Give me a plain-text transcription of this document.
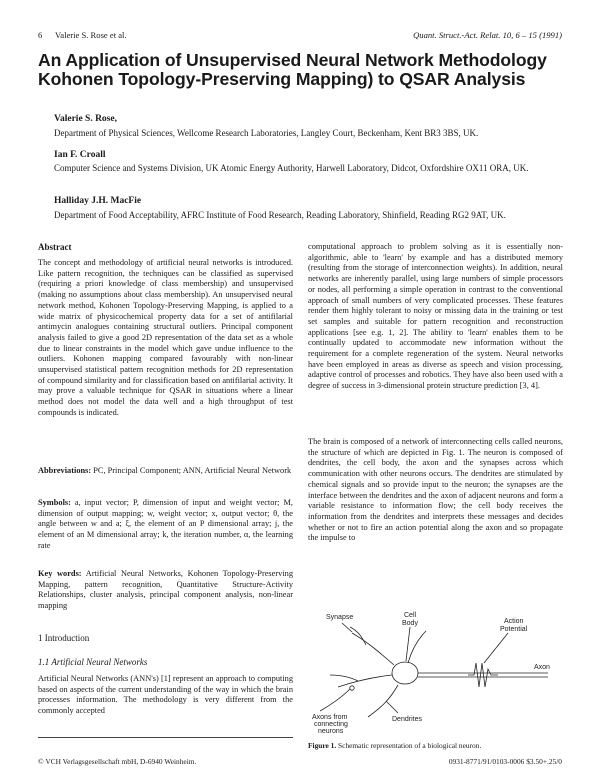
6 Valerie S. Rose et al.	Quant. Struct.-Act. Relat. 10, 6 – 15 (1991)
An Application of Unsupervised Neural Network Methodology
Kohonen Topology-Preserving Mapping) to QSAR Analysis
Valerie S. Rose,
Department of Physical Sciences, Wellcome Research Laboratories, Langley Court, Beckenham, Kent BR3 3BS, UK.
Ian F. Croall
Computer Science and Systems Division, UK Atomic Energy Authority, Harwell Laboratory, Didcot, Oxfordshire OX11 ORA, UK.
Halliday J.H. MacFie
Department of Food Acceptability, AFRC Institute of Food Research, Reading Laboratory, Shinfield, Reading RG2 9AT, UK.
Abstract

The concept and methodology of artificial neural networks is introduced. Like pattern recognition, the techniques can be classified as supervised (requiring a priori knowledge of class membership) and unsupervised (making no assumptions about class membership). An unsupervised neural network method, Kohonen Topology-Preserving Mapping, is applied to a wide matrix of physicochemical property data for a set of antifilarial antimycin analogues containing structural outliers. Principal component analysis failed to give a good 2D representation of the data set as a whole due to linear constraints in the model which gave undue influence to the outliers. Kohonen mapping compared favourably with non-linear unsupervised statistical pattern recognition methods for 2D representation of compound similarity and for classification based on antifilarial activity. It may prove a valuable technique for QSAR in situations where a linear method does not model the data well and a high throughput of test compounds is indicated.

Abbreviations: PC, Principal Component; ANN, Artificial Neural Network

Symbols: a, input vector; P, dimension of input and weight vector; M, dimension of output mapping; w, weight vector; x, output vector; θ, the angle between w and a; ξ, the element of an P dimensional array; j, the element of an M dimensional array; k, the iteration number, α, the learning rate

Key words: Artificial Neural Networks, Kohonen Topology-Preserving Mapping, pattern recognition, Quantitative Structure-Activity Relationships, cluster analysis, principal component analysis, non-linear mapping

1 Introduction
1.1 Artificial Neural Networks

Artificial Neural Networks (ANN's) [1] represent an approach to computing based on aspects of the current understanding of the way in which the brain processes information. The methodology is very different from the commonly accepted

computational approach to problem solving as it is essentially non-algorithmic, able to 'learn' by example and has a distributed memory (resulting from the storage of interconnection weights). In addition, neural networks are inherently parallel, using large numbers of simple processors or nodes, all performing a simple operation in contrast to the conventional approach of small numbers of very complicated processes. These features render them highly tolerant to noisy or missing data in the training or test set samples and suitable for pattern recognition and reconstruction applications [see e.g. 1, 2]. The ability to 'learn' enables them to be continually updated to accommodate new information without the requirement for a complete regeneration of the system. Neural networks have been employed in areas as diverse as speech and vision processing, adaptive control of processes and robotics. They have also been used with a degree of success in 3-dimensional protein structure prediction [3, 4].

The brain is composed of a network of interconnecting cells called neurons, the structure of which are depicted in Fig. 1. The neuron is composed of dendrites, the cell body, the axon and the synapses across which communication with other neurons occurs. The dendrites are stimulated by chemical signals and so provide input to the neuron; the synapses are the interface between the dendrites and the axon of adjacent neurons and form a variable resistance to information flow; the cell body receives the information from the dendrites and interprets these messages and decides whether or not to fire an action potential along the axon and so propagate the impulse to

Synapse	Cell
Body	Action
Potential
Axon
Axons from
connecting
neurons
Dendrites
Figure 1. Schematic representation of a biological neuron.
© VCH Verlagsgesellschaft mbH, D-6940 Weinheim.	0931-8771/91/0103-0006 $3.50+.25/0
